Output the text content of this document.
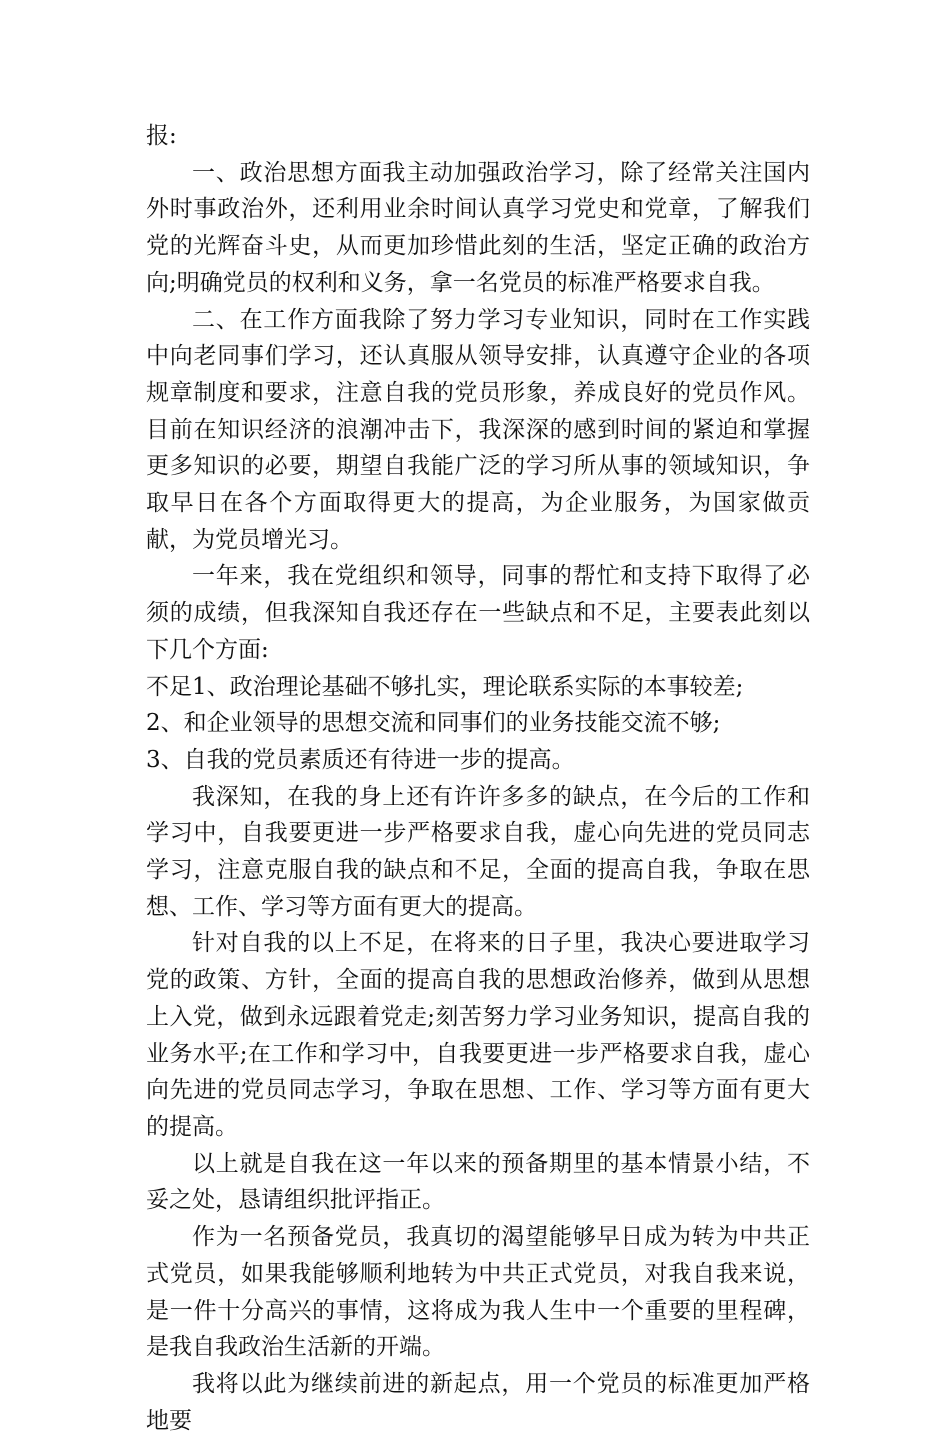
报:

一、政治思想方面我主动加强政治学习，除了经常关注国内外时事政治外，还利用业余时间认真学习党史和党章，了解我们党的光辉奋斗史，从而更加珍惜此刻的生活，坚定正确的政治方向;明确党员的权利和义务，拿一名党员的标准严格要求自我。

二、在工作方面我除了努力学习专业知识，同时在工作实践中向老同事们学习，还认真服从领导安排，认真遵守企业的各项规章制度和要求，注意自我的党员形象，养成良好的党员作风。目前在知识经济的浪潮冲击下，我深深的感到时间的紧迫和掌握更多知识的必要，期望自我能广泛的学习所从事的领域知识，争取早日在各个方面取得更大的提高，为企业服务，为国家做贡献，为党员增光习。

一年来，我在党组织和领导，同事的帮忙和支持下取得了必须的成绩，但我深知自我还存在一些缺点和不足，主要表此刻以下几个方面:

不足1、政治理论基础不够扎实，理论联系实际的本事较差;

2、和企业领导的思想交流和同事们的业务技能交流不够;

3、自我的党员素质还有待进一步的提高。

我深知，在我的身上还有许许多多的缺点，在今后的工作和学习中，自我要更进一步严格要求自我，虚心向先进的党员同志学习，注意克服自我的缺点和不足，全面的提高自我，争取在思想、工作、学习等方面有更大的提高。

针对自我的以上不足，在将来的日子里，我决心要进取学习党的政策、方针，全面的提高自我的思想政治修养，做到从思想上入党，做到永远跟着党走;刻苦努力学习业务知识，提高自我的业务水平;在工作和学习中，自我要更进一步严格要求自我，虚心向先进的党员同志学习，争取在思想、工作、学习等方面有更大的提高。

以上就是自我在这一年以来的预备期里的基本情景小结，不妥之处，恳请组织批评指正。

作为一名预备党员，我真切的渴望能够早日成为转为中共正式党员，如果我能够顺利地转为中共正式党员，对我自我来说，是一件十分高兴的事情，这将成为我人生中一个重要的里程碑，是我自我政治生活新的开端。

我将以此为继续前进的新起点，用一个党员的标准更加严格地要
